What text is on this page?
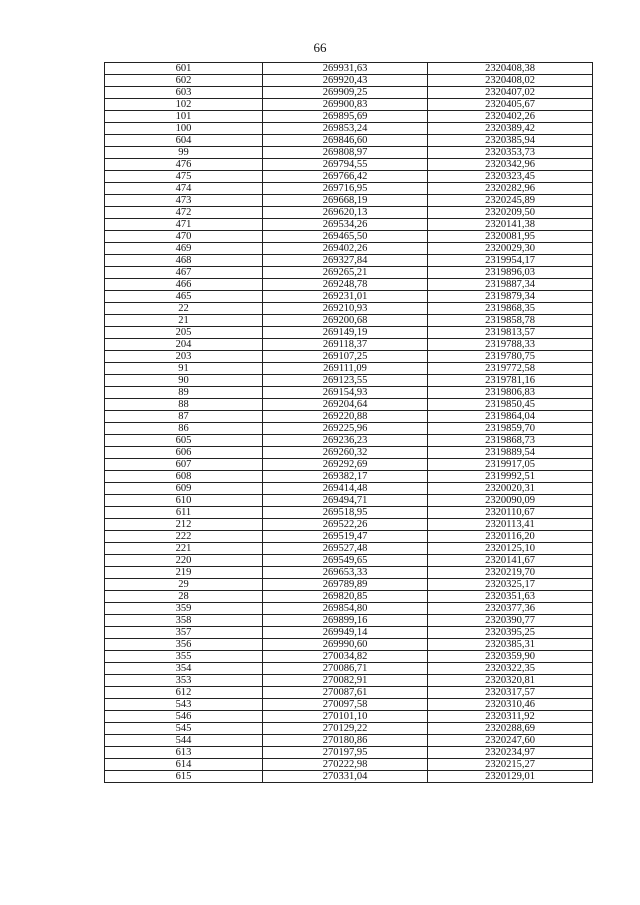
66
601	269931,63	2320408,38
602	269920,43	2320408,02
603	269909,25	2320407,02
102	269900,83	2320405,67
101	269895,69	2320402,26
100	269853,24	2320389,42
604	269846,60	2320385,94
99	269808,97	2320353,73
476	269794,55	2320342,96
475	269766,42	2320323,45
474	269716,95	2320282,96
473	269668,19	2320245,89
472	269620,13	2320209,50
471	269534,26	2320141,38
470	269465,50	2320081,95
469	269402,26	2320029,30
468	269327,84	2319954,17
467	269265,21	2319896,03
466	269248,78	2319887,34
465	269231,01	2319879,34
22	269210,93	2319868,35
21	269200,68	2319858,78
205	269149,19	2319813,57
204	269118,37	2319788,33
203	269107,25	2319780,75
91	269111,09	2319772,58
90	269123,55	2319781,16
89	269154,93	2319806,83
88	269204,64	2319850,45
87	269220,88	2319864,04
86	269225,96	2319859,70
605	269236,23	2319868,73
606	269260,32	2319889,54
607	269292,69	2319917,05
608	269382,17	2319992,51
609	269414,48	2320020,31
610	269494,71	2320090,09
611	269518,95	2320110,67
212	269522,26	2320113,41
222	269519,47	2320116,20
221	269527,48	2320125,10
220	269549,65	2320141,67
219	269653,33	2320219,70
29	269789,89	2320325,17
28	269820,85	2320351,63
359	269854,80	2320377,36
358	269899,16	2320390,77
357	269949,14	2320395,25
356	269990,60	2320385,31
355	270034,82	2320359,90
354	270086,71	2320322,35
353	270082,91	2320320,81
612	270087,61	2320317,57
543	270097,58	2320310,46
546	270101,10	2320311,92
545	270129,22	2320288,69
544	270180,86	2320247,60
613	270197,95	2320234,97
614	270222,98	2320215,27
615	270331,04	2320129,01
